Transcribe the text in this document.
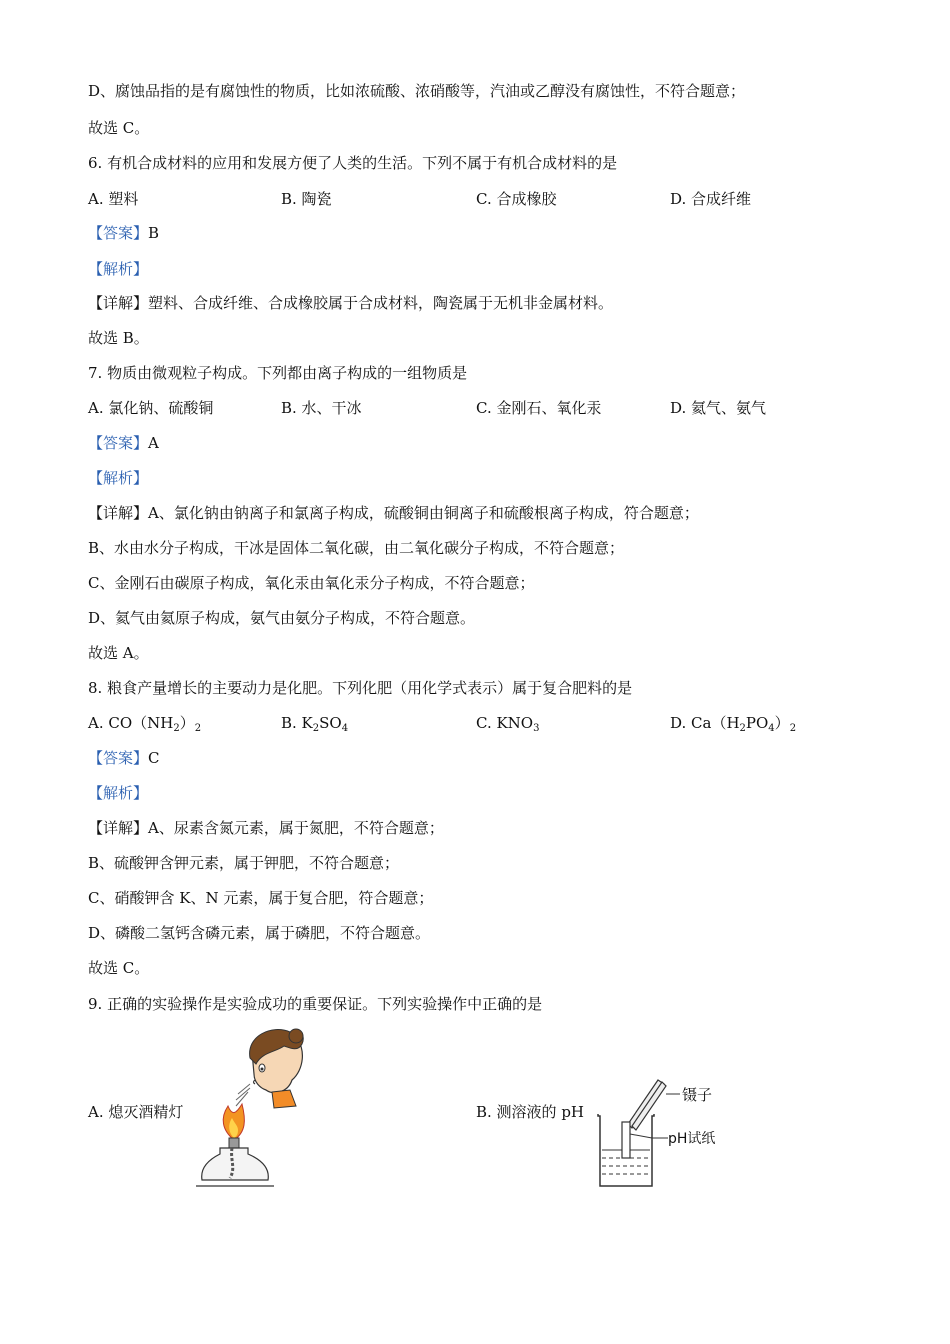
D、腐蚀品指的是有腐蚀性的物质，比如浓硫酸、浓硝酸等，汽油或乙醇没有腐蚀性，不符合题意；
故选 C。
6. 有机合成材料的应用和发展方便了人类的生活。下列不属于有机合成材料的是
A. 塑料	B. 陶瓷	C. 合成橡胶	D. 合成纤维
【答案】B
【解析】
【详解】塑料、合成纤维、合成橡胶属于合成材料，陶瓷属于无机非金属材料。
故选 B。
7. 物质由微观粒子构成。下列都由离子构成的一组物质是
A. 氯化钠、硫酸铜	B. 水、干冰	C. 金刚石、氧化汞	D. 氦气、氨气
【答案】A
【解析】
【详解】A、氯化钠由钠离子和氯离子构成，硫酸铜由铜离子和硫酸根离子构成，符合题意；
B、水由水分子构成，干冰是固体二氧化碳，由二氧化碳分子构成，不符合题意；
C、金刚石由碳原子构成，氧化汞由氧化汞分子构成，不符合题意；
D、氦气由氦原子构成，氨气由氨分子构成，不符合题意。
故选 A。
8. 粮食产量增长的主要动力是化肥。下列化肥（用化学式表示）属于复合肥料的是
A. $CO(NH_2)_2$	B. $K_2SO_4$	C. $KNO_3$	D. $Ca(H_2PO_4)_2$
【答案】C
【解析】
【详解】A、尿素含氮元素，属于氮肥，不符合题意；
B、硫酸钾含钾元素，属于钾肥，不符合题意；
C、硝酸钾含 K、N 元素，属于复合肥，符合题意；
D、磷酸二氢钙含磷元素，属于磷肥，不符合题意。
故选 C。
9. 正确的实验操作是实验成功的重要保证。下列实验操作中正确的是
A. 熄灭酒精灯	B. 测溶液的 pH
镊子
pH试纸
